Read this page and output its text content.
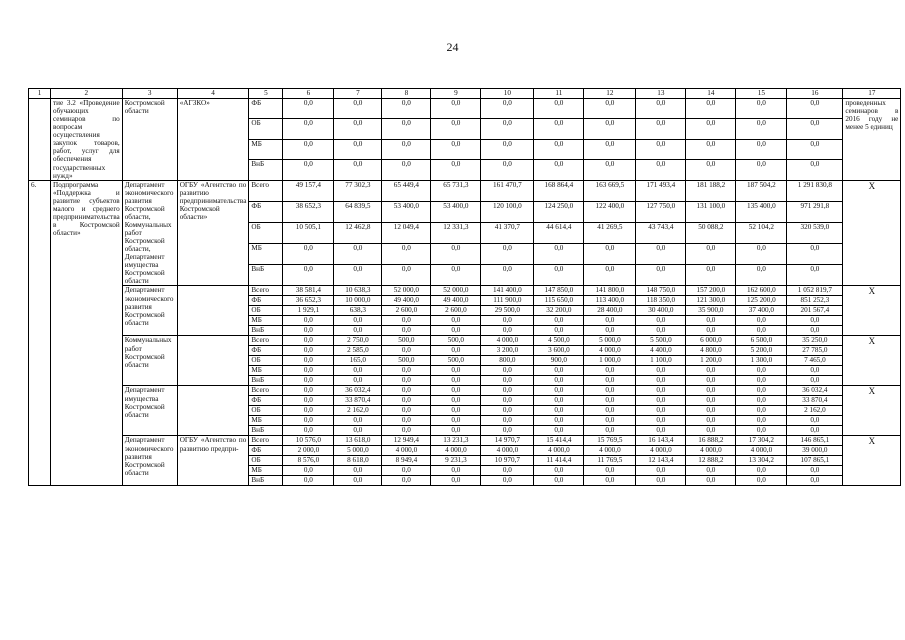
24
1	2	3	4	5	6	7	8	9	10	11	12	13	14	15	16	17
	тие 3.2 «Проведение обучающих семинаров по вопросам осуществления закупок товаров, работ, услуг для обеспечения государственных нужд»	Костромской области	«АГЗКО»	ФБ	0,0	0,0	0,0	0,0	0,0	0,0	0,0	0,0	0,0	0,0	0,0	проведенных семинаров в 2016 году не менее 5 единиц
				ОБ	0,0	0,0	0,0	0,0	0,0	0,0	0,0	0,0	0,0	0,0	0,0	
				МБ	0,0	0,0	0,0	0,0	0,0	0,0	0,0	0,0	0,0	0,0	0,0	
				ВнБ	0,0	0,0	0,0	0,0	0,0	0,0	0,0	0,0	0,0	0,0	0,0	
6.	Подпрограмма «Поддержка и развитие субъектов малого и среднего предпринимательства в Костромской области»	Департамент экономического развития Костромской области, Коммунальных работ Костромской области, Департамент имущества Костромской области	ОГБУ «Агентство по развитию предпринимательства Костромской области»	Всего	49 157,4	77 302,3	65 449,4	65 731,3	161 470,7	168 864,4	163 669,5	171 493,4	181 188,2	187 504,2	1 291 830,8	X
				ФБ	38 652,3	64 839,5	53 400,0	53 400,0	120 100,0	124 250,0	122 400,0	127 750,0	131 100,0	135 400,0	971 291,8	
				ОБ	10 505,1	12 462,8	12 049,4	12 331,3	41 370,7	44 614,4	41 269,5	43 743,4	50 088,2	52 104,2	320 539,0	
				МБ	0,0	0,0	0,0	0,0	0,0	0,0	0,0	0,0	0,0	0,0	0,0	
				ВнБ	0,0	0,0	0,0	0,0	0,0	0,0	0,0	0,0	0,0	0,0	0,0	
		Департамент экономического развития Костромской области		Всего	38 581,4	10 638,3	52 000,0	52 000,0	141 400,0	147 850,0	141 800,0	148 750,0	157 200,0	162 600,0	1 052 819,7	X
				ФБ	36 652,3	10 000,0	49 400,0	49 400,0	111 900,0	115 650,0	113 400,0	118 350,0	121 300,0	125 200,0	851 252,3	
				ОБ	1 929,1	638,3	2 600,0	2 600,0	29 500,0	32 200,0	28 400,0	30 400,0	35 900,0	37 400,0	201 567,4	
				МБ	0,0	0,0	0,0	0,0	0,0	0,0	0,0	0,0	0,0	0,0	0,0	
				ВнБ	0,0	0,0	0,0	0,0	0,0	0,0	0,0	0,0	0,0	0,0	0,0	
		Коммунальных работ Костромской области		Всего	0,0	2 750,0	500,0	500,0	4 000,0	4 500,0	5 000,0	5 500,0	6 000,0	6 500,0	35 250,0	X
				ФБ	0,0	2 585,0	0,0	0,0	3 200,0	3 600,0	4 000,0	4 400,0	4 800,0	5 200,0	27 785,0	
				ОБ	0,0	165,0	500,0	500,0	800,0	900,0	1 000,0	1 100,0	1 200,0	1 300,0	7 465,0	
				МБ	0,0	0,0	0,0	0,0	0,0	0,0	0,0	0,0	0,0	0,0	0,0	
				ВнБ	0,0	0,0	0,0	0,0	0,0	0,0	0,0	0,0	0,0	0,0	0,0	
		Департамент имущества Костромской области		Всего	0,0	36 032,4	0,0	0,0	0,0	0,0	0,0	0,0	0,0	0,0	36 032,4	X
				ФБ	0,0	33 870,4	0,0	0,0	0,0	0,0	0,0	0,0	0,0	0,0	33 870,4	
				ОБ	0,0	2 162,0	0,0	0,0	0,0	0,0	0,0	0,0	0,0	0,0	2 162,0	
				МБ	0,0	0,0	0,0	0,0	0,0	0,0	0,0	0,0	0,0	0,0	0,0	
				ВнБ	0,0	0,0	0,0	0,0	0,0	0,0	0,0	0,0	0,0	0,0	0,0	
		Департамент экономического развития Костромской области	ОГБУ «Агентство по развитию предпри-	Всего	10 576,0	13 618,0	12 949,4	13 231,3	14 970,7	15 414,4	15 769,5	16 143,4	16 888,2	17 304,2	146 865,1	X
				ФБ	2 000,0	5 000,0	4 000,0	4 000,0	4 000,0	4 000,0	4 000,0	4 000,0	4 000,0	4 000,0	39 000,0	
				ОБ	8 576,0	8 618,0	8 949,4	9 231,3	10 970,7	11 414,4	11 769,5	12 143,4	12 888,2	13 304,2	107 865,1	
				МБ	0,0	0,0	0,0	0,0	0,0	0,0	0,0	0,0	0,0	0,0	0,0	
				ВнБ	0,0	0,0	0,0	0,0	0,0	0,0	0,0	0,0	0,0	0,0	0,0	
